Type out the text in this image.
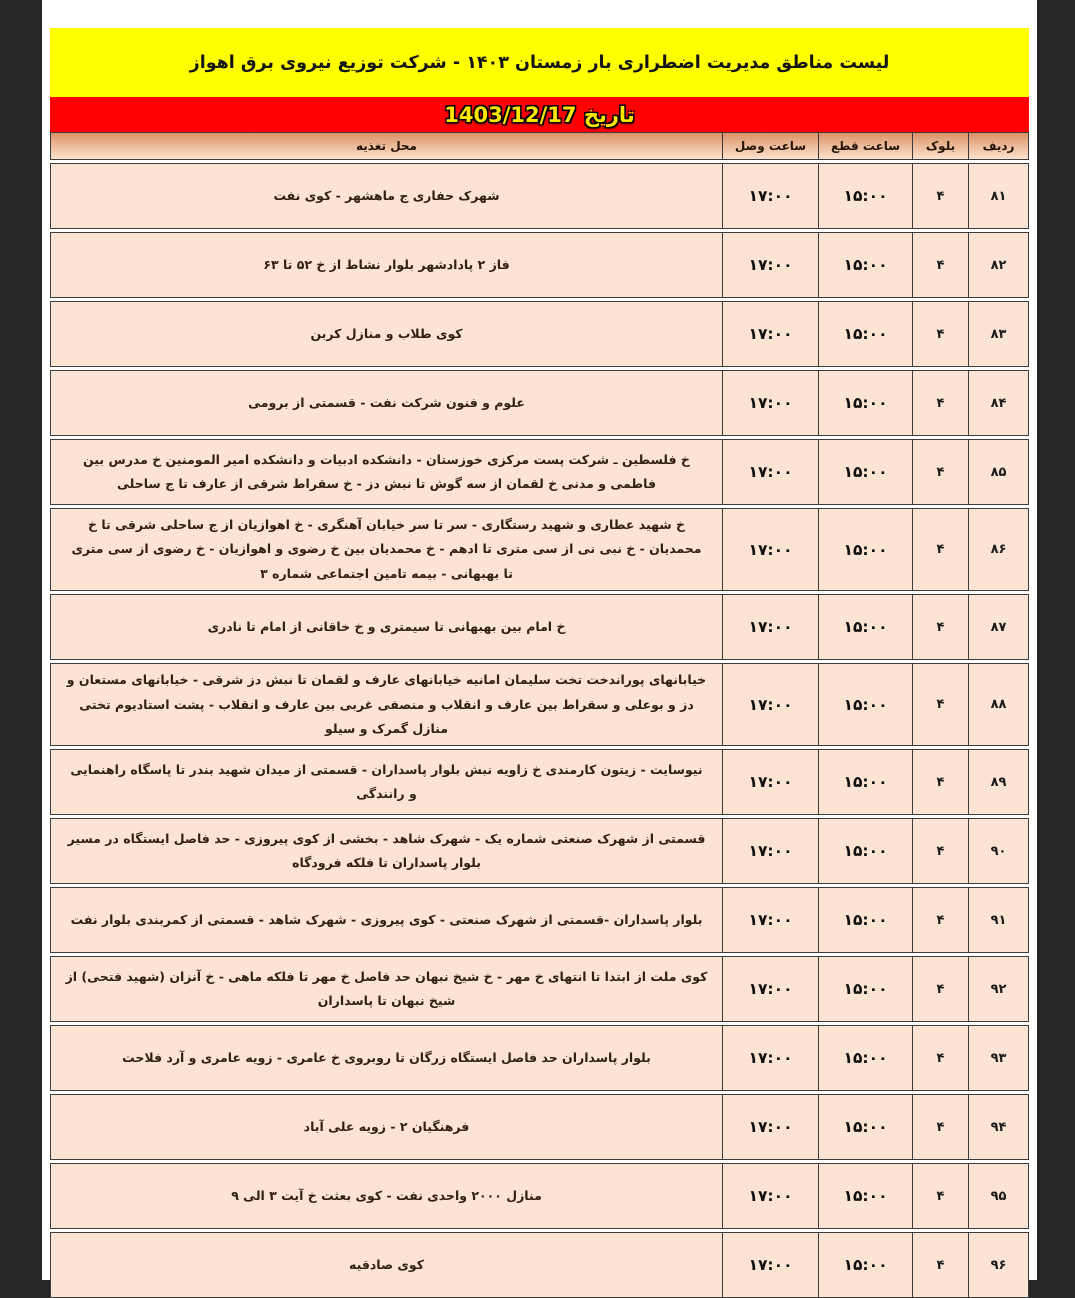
لیست مناطق مدیریت اضطراری بار زمستان ۱۴۰۳ - شرکت توزیع نیروی برق اهواز
تاریخ 1403/12/17
ردیف
بلوک
ساعت قطع
ساعت وصل
محل تغذیه
۸۱
۴
۱۵:۰۰
۱۷:۰۰
شهرک حفاری ج ماهشهر - کوی نفت
۸۲
۴
۱۵:۰۰
۱۷:۰۰
فاز ۲ پادادشهر بلوار نشاط از خ ۵۲ تا ۶۳
۸۳
۴
۱۵:۰۰
۱۷:۰۰
کوی طلاب و منازل کربن
۸۴
۴
۱۵:۰۰
۱۷:۰۰
علوم و فنون شرکت نفت - قسمتی از برومی
۸۵
۴
۱۵:۰۰
۱۷:۰۰
خ فلسطین ـ شرکت پست مرکزی خوزستان - دانشکده ادبیات و دانشکده امیر المومنین خ مدرس بین فاطمی و مدنی خ لقمان از سه گوش تا نبش دز - خ سقراط شرقی از عارف تا ج ساحلی
۸۶
۴
۱۵:۰۰
۱۷:۰۰
خ شهید عطاری و شهید رستگاری - سر تا سر خیابان آهنگری - خ اهوازیان از ج ساحلی شرقی تا خ محمدیان - خ نبی نی از سی متری تا ادهم - خ محمدیان بین خ رضوی و اهوازیان - خ رضوی از سی متری تا بهبهانی - بیمه تامین اجتماعی شماره ۳
۸۷
۴
۱۵:۰۰
۱۷:۰۰
خ امام بین بهبهانی تا سیمتری و خ خاقانی از امام تا نادری
۸۸
۴
۱۵:۰۰
۱۷:۰۰
خیابانهای پوراندخت تخت سلیمان امانیه خیابانهای عارف و لقمان تا نبش دز شرقی - خیابانهای مستعان و دز و بوعلی و سقراط بین عارف و انقلاب و منصفی غربی بین عارف و انقلاب - پشت استادیوم تختی منازل گمرک و سیلو
۸۹
۴
۱۵:۰۰
۱۷:۰۰
نیوسایت - زیتون کارمندی خ زاویه نبش بلوار پاسداران - قسمتی از میدان شهید بندر تا پاسگاه راهنمایی و رانندگی
۹۰
۴
۱۵:۰۰
۱۷:۰۰
قسمتی از شهرک صنعتی شماره یک - شهرک شاهد - بخشی از کوی پیروزی - حد فاصل ایستگاه در مسیر بلوار پاسداران تا فلکه فرودگاه
۹۱
۴
۱۵:۰۰
۱۷:۰۰
بلوار پاسداران -قسمتی از شهرک صنعتی - کوی پیروزی - شهرک شاهد - قسمتی از کمربندی بلوار نفت
۹۲
۴
۱۵:۰۰
۱۷:۰۰
کوی ملت از ابتدا تا انتهای خ مهر - خ شیخ نبهان حد فاصل خ مهر تا فلکه ماهی - خ آنزان (شهید فتحی) از شیخ نبهان تا پاسداران
۹۳
۴
۱۵:۰۰
۱۷:۰۰
بلوار پاسداران حد فاصل ایستگاه زرگان تا روبروی خ عامری - زویه عامری و آرد فلاحت
۹۴
۴
۱۵:۰۰
۱۷:۰۰
فرهنگیان ۲ - زویه علی آباد
۹۵
۴
۱۵:۰۰
۱۷:۰۰
منازل ۲۰۰۰ واحدی نفت - کوی بعثت خ آیت ۳ الی ۹
۹۶
۴
۱۵:۰۰
۱۷:۰۰
کوی صادقیه
